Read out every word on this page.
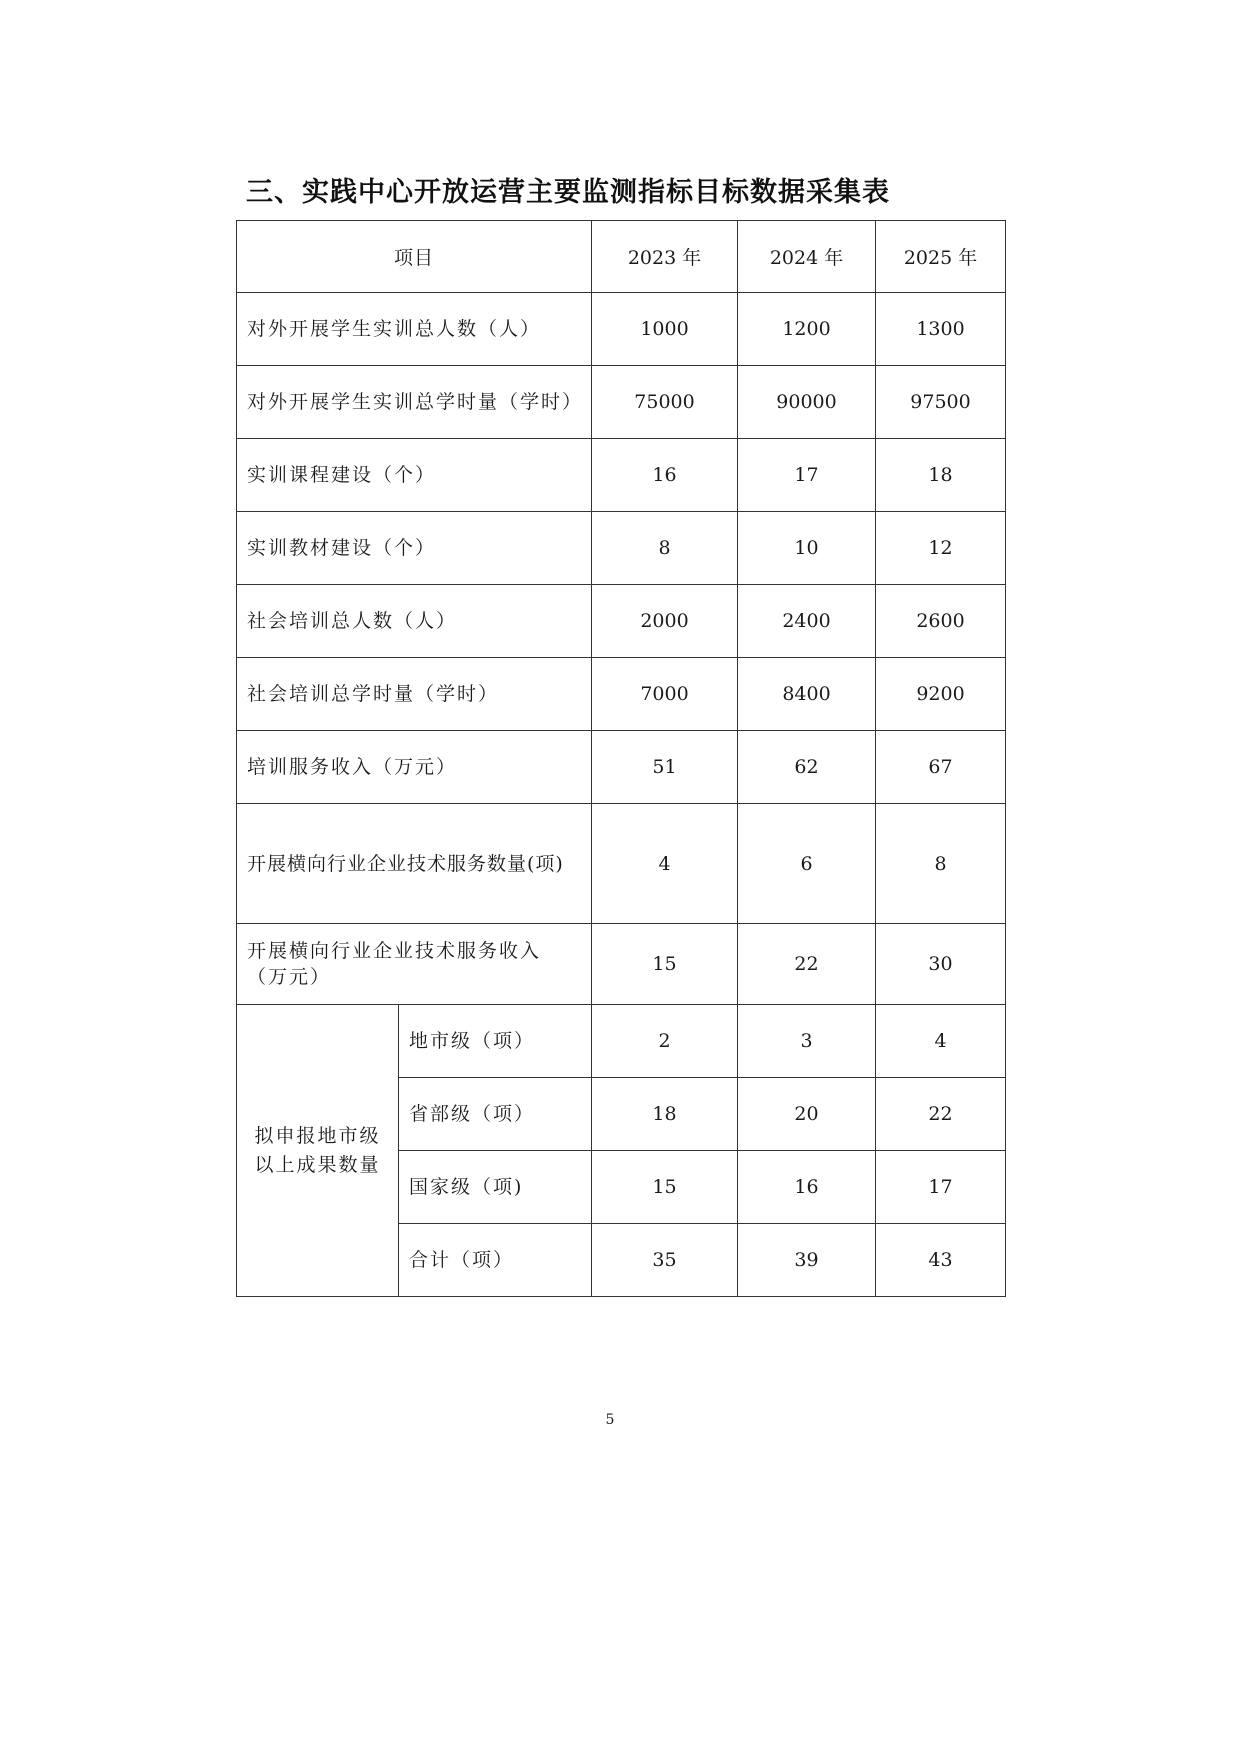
三、实践中心开放运营主要监测指标目标数据采集表
项目		2023 年	2024 年	2025 年
对外开展学生实训总人数（人）		1000	1200	1300
对外开展学生实训总学时量（学时）		75000	90000	97500
实训课程建设（个）		16	17	18
实训教材建设（个）		8	10	12
社会培训总人数（人）		2000	2400	2600
社会培训总学时量（学时）		7000	8400	9200
培训服务收入（万元）		51	62	67
开展横向行业企业技术服务数量(项)		4	6	8
开展横向行业企业技术服务收入（万元）		15	22	30
拟申报地市级以上成果数量	地市级（项）	2	3	4
	省部级（项）	18	20	22
	国家级（项)	15	16	17
	合计（项）	35	39	43
5
